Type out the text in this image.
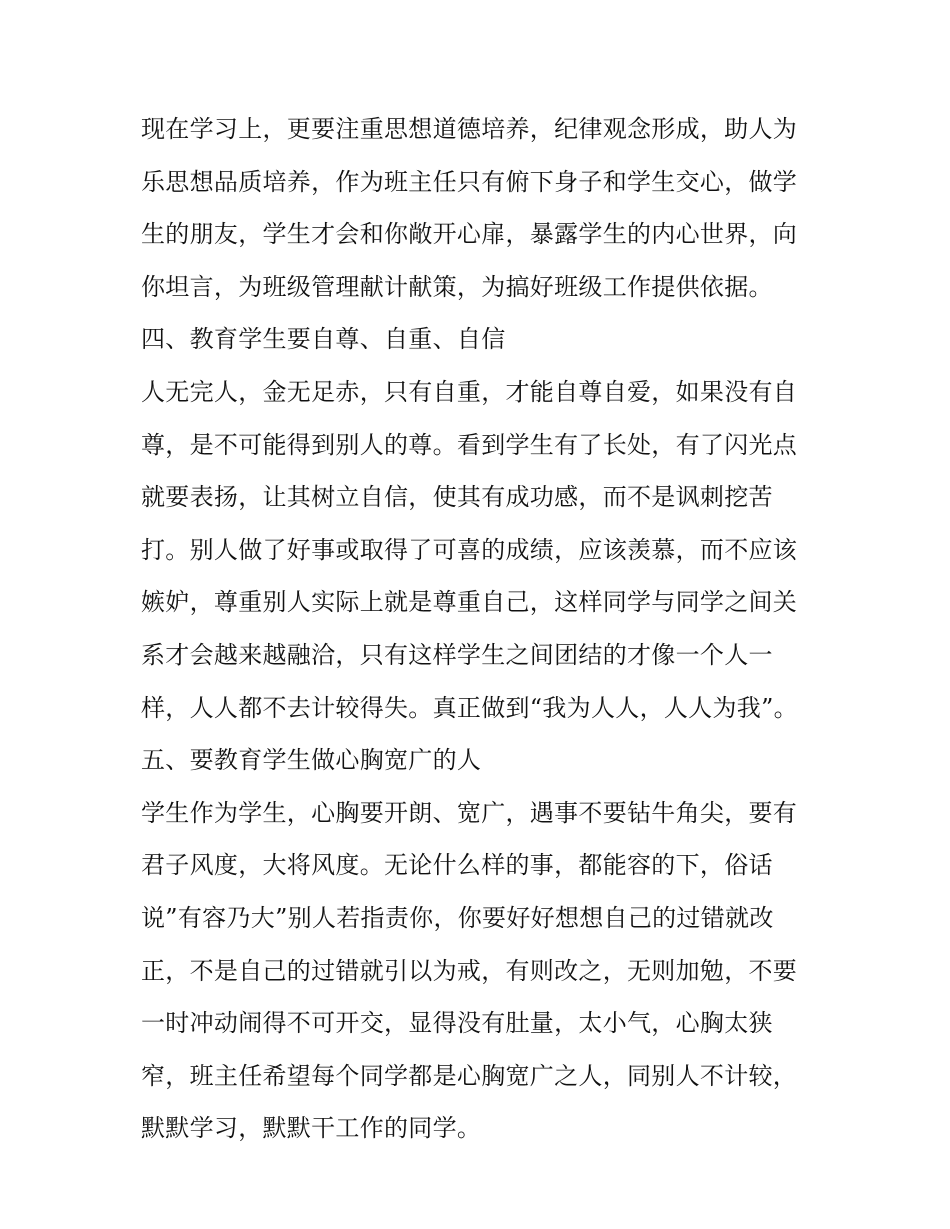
现在学习上，更要注重思想道德培养，纪律观念形成，助人为
乐思想品质培养，作为班主任只有俯下身子和学生交心，做学
生的朋友，学生才会和你敞开心扉，暴露学生的内心世界，向
你坦言，为班级管理献计献策，为搞好班级工作提供依据。
四、教育学生要自尊、自重、自信
人无完人，金无足赤，只有自重，才能自尊自爱，如果没有自
尊，是不可能得到别人的尊。看到学生有了长处，有了闪光点
就要表扬，让其树立自信，使其有成功感，而不是讽刺挖苦
打。别人做了好事或取得了可喜的成绩，应该羡慕，而不应该
嫉妒，尊重别人实际上就是尊重自己，这样同学与同学之间关
系才会越来越融洽，只有这样学生之间团结的才像一个人一
样，人人都不去计较得失。真正做到“我为人人，人人为我”。
五、要教育学生做心胸宽广的人
学生作为学生，心胸要开朗、宽广，遇事不要钻牛角尖，要有
君子风度，大将风度。无论什么样的事，都能容的下，俗话
说”有容乃大”别人若指责你，你要好好想想自己的过错就改
正，不是自己的过错就引以为戒，有则改之，无则加勉，不要
一时冲动闹得不可开交，显得没有肚量，太小气，心胸太狭
窄，班主任希望每个同学都是心胸宽广之人，同别人不计较，
默默学习，默默干工作的同学。
